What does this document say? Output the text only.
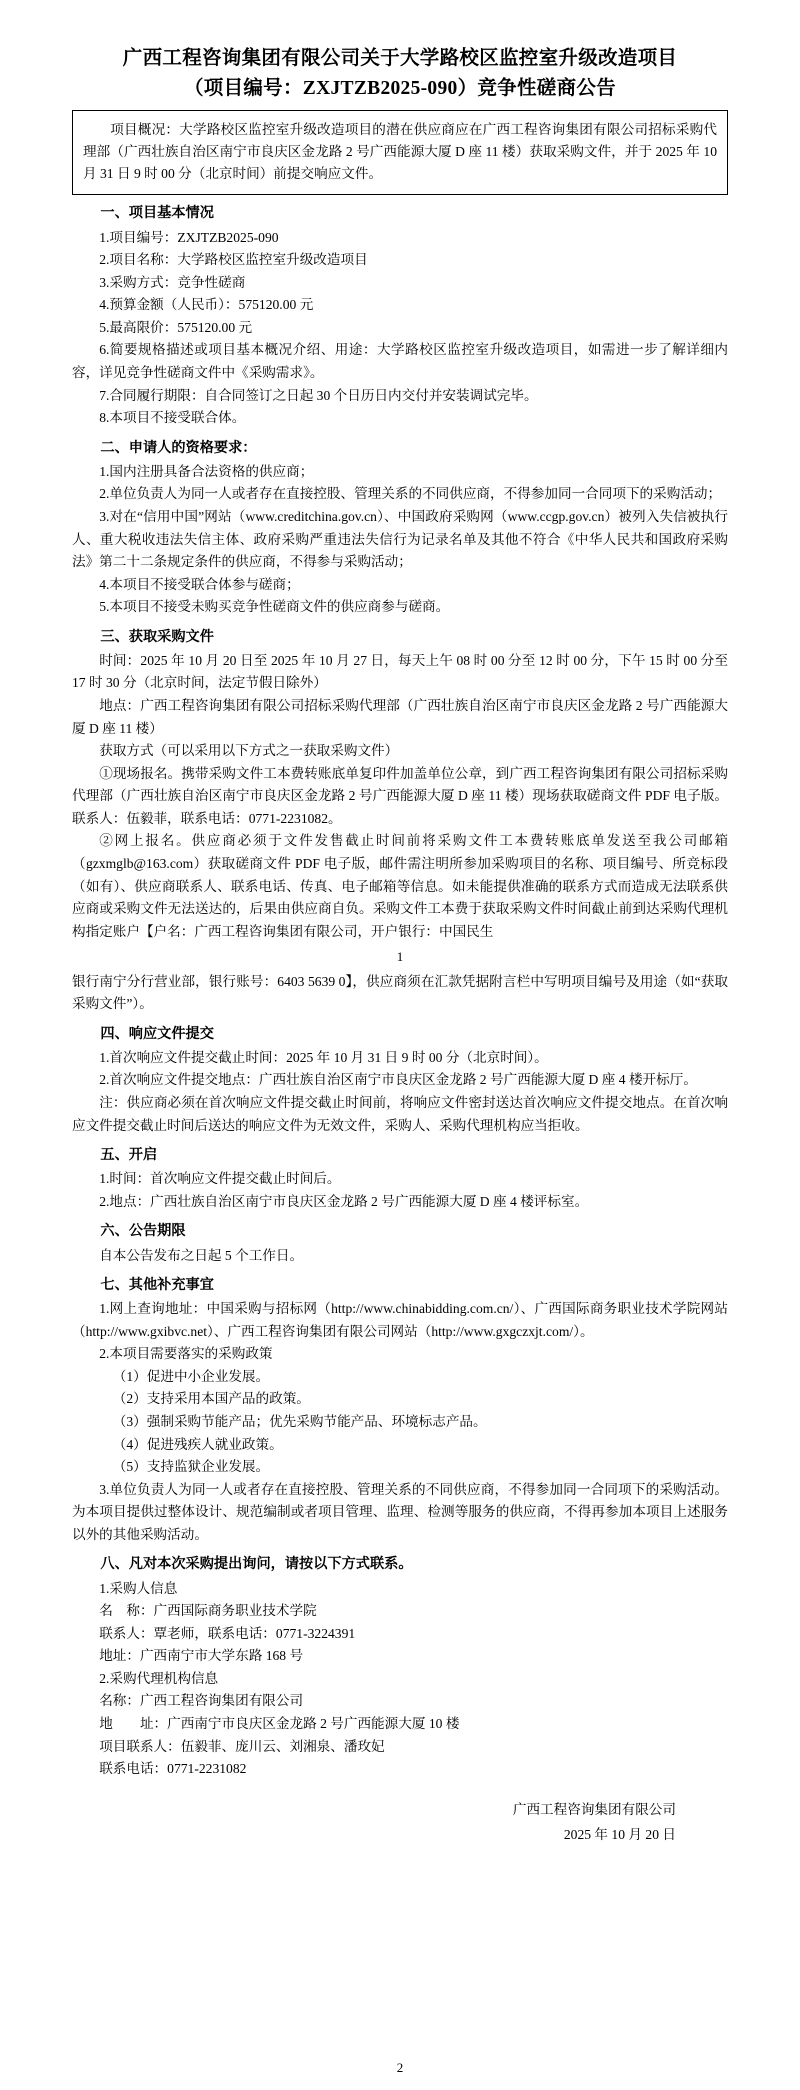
广西工程咨询集团有限公司关于大学路校区监控室升级改造项目
（项目编号：ZXJTZB2025-090）竞争性磋商公告
项目概况：大学路校区监控室升级改造项目的潜在供应商应在广西工程咨询集团有限公司招标采购代理部（广西壮族自治区南宁市良庆区金龙路 2 号广西能源大厦 D 座 11 楼）获取采购文件，并于 2025 年 10 月 31 日 9 时 00 分（北京时间）前提交响应文件。
一、项目基本情况

1.项目编号：ZXJTZB2025-090

2.项目名称：大学路校区监控室升级改造项目

3.采购方式：竞争性磋商

4.预算金额（人民币）：575120.00 元

5.最高限价：575120.00 元

6.简要规格描述或项目基本概况介绍、用途：大学路校区监控室升级改造项目，如需进一步了解详细内容，详见竞争性磋商文件中《采购需求》。

7.合同履行期限：自合同签订之日起 30 个日历日内交付并安装调试完毕。

8.本项目不接受联合体。

二、申请人的资格要求：

1.国内注册具备合法资格的供应商；

2.单位负责人为同一人或者存在直接控股、管理关系的不同供应商，不得参加同一合同项下的采购活动；

3.对在“信用中国”网站（www.creditchina.gov.cn）、中国政府采购网（www.ccgp.gov.cn）被列入失信被执行人、重大税收违法失信主体、政府采购严重违法失信行为记录名单及其他不符合《中华人民共和国政府采购法》第二十二条规定条件的供应商，不得参与采购活动；

4.本项目不接受联合体参与磋商；

5.本项目不接受未购买竞争性磋商文件的供应商参与磋商。

三、获取采购文件

时间：2025 年 10 月 20 日至 2025 年 10 月 27 日，每天上午 08 时 00 分至 12 时 00 分，下午 15 时 00 分至 17 时 30 分（北京时间，法定节假日除外）

地点：广西工程咨询集团有限公司招标采购代理部（广西壮族自治区南宁市良庆区金龙路 2 号广西能源大厦 D 座 11 楼）

获取方式（可以采用以下方式之一获取采购文件）

①现场报名。携带采购文件工本费转账底单复印件加盖单位公章，到广西工程咨询集团有限公司招标采购代理部（广西壮族自治区南宁市良庆区金龙路 2 号广西能源大厦 D 座 11 楼）现场获取磋商文件 PDF 电子版。联系人：伍毅菲，联系电话：0771-2231082。

②网上报名。供应商必须于文件发售截止时间前将采购文件工本费转账底单发送至我公司邮箱（gzxmglb@163.com）获取磋商文件 PDF 电子版，邮件需注明所参加采购项目的名称、项目编号、所竞标段（如有）、供应商联系人、联系电话、传真、电子邮箱等信息。如未能提供准确的联系方式而造成无法联系供应商或采购文件无法送达的，后果由供应商自负。采购文件工本费于获取采购文件时间截止前到达采购代理机构指定账户【户名：广西工程咨询集团有限公司，开户银行：中国民生

1

银行南宁分行营业部，银行账号：6403 5639 0】，供应商须在汇款凭据附言栏中写明项目编号及用途（如“获取采购文件”）。

四、响应文件提交

1.首次响应文件提交截止时间：2025 年 10 月 31 日 9 时 00 分（北京时间）。

2.首次响应文件提交地点：广西壮族自治区南宁市良庆区金龙路 2 号广西能源大厦 D 座 4 楼开标厅。

注：供应商必须在首次响应文件提交截止时间前，将响应文件密封送达首次响应文件提交地点。在首次响应文件提交截止时间后送达的响应文件为无效文件，采购人、采购代理机构应当拒收。

五、开启

1.时间：首次响应文件提交截止时间后。

2.地点：广西壮族自治区南宁市良庆区金龙路 2 号广西能源大厦 D 座 4 楼评标室。

六、公告期限

自本公告发布之日起 5 个工作日。

七、其他补充事宜

1.网上查询地址：中国采购与招标网（http://www.chinabidding.com.cn/）、广西国际商务职业技术学院网站（http://www.gxibvc.net）、广西工程咨询集团有限公司网站（http://www.gxgczxjt.com/）。

2.本项目需要落实的采购政策

（1）促进中小企业发展。

（2）支持采用本国产品的政策。

（3）强制采购节能产品；优先采购节能产品、环境标志产品。

（4）促进残疾人就业政策。

（5）支持监狱企业发展。

3.单位负责人为同一人或者存在直接控股、管理关系的不同供应商，不得参加同一合同项下的采购活动。为本项目提供过整体设计、规范编制或者项目管理、监理、检测等服务的供应商，不得再参加本项目上述服务以外的其他采购活动。

八、凡对本次采购提出询问，请按以下方式联系。

1.采购人信息

名　称：广西国际商务职业技术学院

联系人：覃老师，联系电话：0771-3224391

地址：广西南宁市大学东路 168 号

2.采购代理机构信息

名称：广西工程咨询集团有限公司

地　　址：广西南宁市良庆区金龙路 2 号广西能源大厦 10 楼

项目联系人：伍毅菲、庞川云、刘湘泉、潘玫妃

联系电话：0771-2231082

广西工程咨询集团有限公司
2025 年 10 月 20 日
2
